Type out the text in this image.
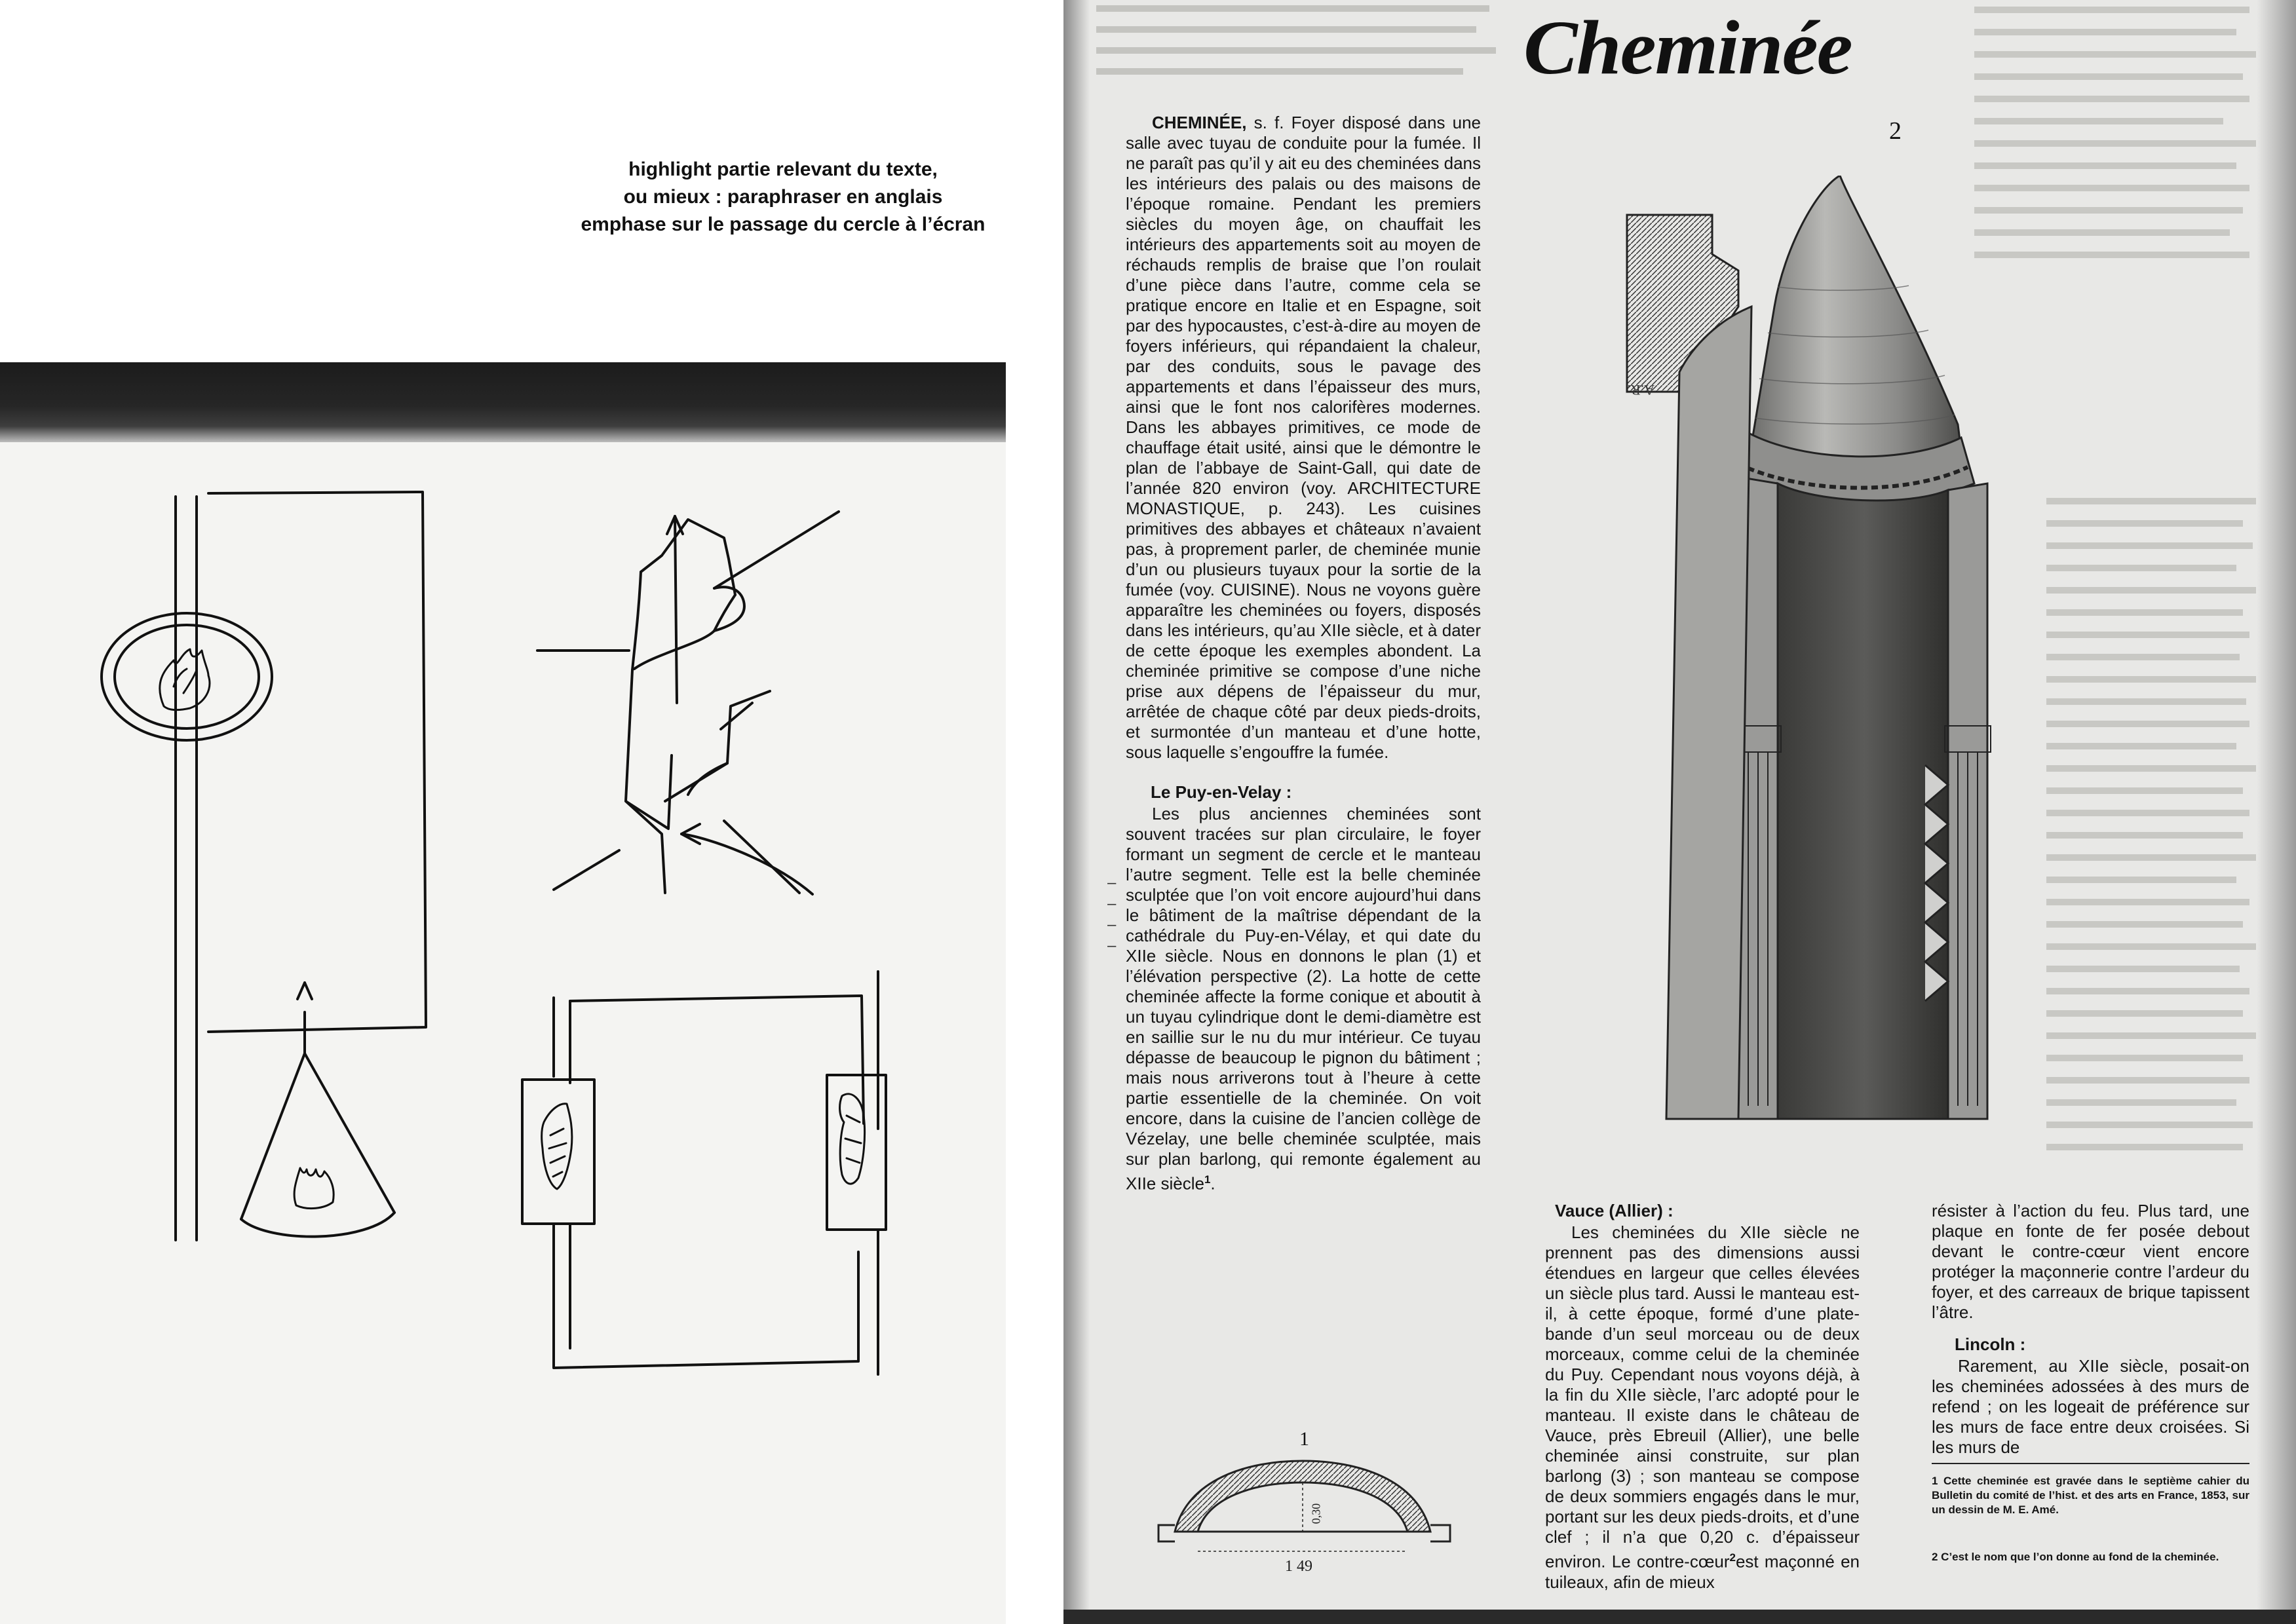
highlight partie relevant du texte,
ou mieux : paraphraser en anglais
emphase sur le passage du cercle à l’écran
Cheminée

CHEMINÉE, s. f. Foyer disposé dans une salle avec tuyau de conduite pour la fumée. Il ne paraît pas qu’il y ait eu des cheminées dans les intérieurs des palais ou des maisons de l’époque romaine. Pendant les premiers siècles du moyen âge, on chauffait les intérieurs des appartements soit au moyen de réchauds remplis de braise que l’on roulait d’une pièce dans l’autre, comme cela se pratique encore en Italie et en Espagne, soit par des hypocaustes, c’est-à-dire au moyen de foyers inférieurs, qui répandaient la chaleur, par des conduits, sous le pavage des appartements et dans l’épaisseur des murs, ainsi que le font nos calorifères modernes. Dans les abbayes primitives, ce mode de chauffage était usité, ainsi que le démontre le plan de l’abbaye de Saint-Gall, qui date de l’année 820 environ (voy. ARCHITECTURE MONASTIQUE, p. 243). Les cuisines primitives des abbayes et châteaux n’avaient pas, à proprement parler, de cheminée munie d’un ou plusieurs tuyaux pour la sortie de la fumée (voy. CUISINE). Nous ne voyons guère apparaître les cheminées ou foyers, disposés dans les intérieurs, qu’au XIIe siècle, et à dater de cette époque les exemples abondent. La cheminée primitive se compose d’une niche prise aux dépens de l’épaisseur du mur, arrêtée de chaque côté par deux pieds-droits, et surmontée d’un manteau et d’une hotte, sous laquelle s’engouffre la fumée.

Le Puy-en-Velay :

Les plus anciennes cheminées sont souvent tracées sur plan circulaire, le foyer formant un segment de cercle et le manteau l’autre segment. Telle est la belle cheminée sculptée que l’on voit encore aujourd’hui dans le bâtiment de la maîtrise dépendant de la cathédrale du Puy-en-Vélay, et qui date du XIIe siècle. Nous en donnons le plan (1) et l’élévation perspective (2). La hotte de cette cheminée affecte la forme conique et aboutit à un tuyau cylindrique dont le demi-diamètre est en saillie sur le nu du mur intérieur. Ce tuyau dépasse de beaucoup le pignon du bâtiment ; mais nous arriverons tout à l’heure à cette partie essentielle de la cheminée. On voit encore, dans la cuisine de l’ancien collège de Vézelay, une belle cheminée sculptée, mais sur plan barlong, qui remonte également au XIIe siècle$^1$.

–
–
–
–
2
A.R.
1
0,30
1 49

Vauce (Allier) :

Les cheminées du XIIe siècle ne prennent pas des dimensions aussi étendues en largeur que celles élevées un siècle plus tard. Aussi le manteau est-il, à cette époque, formé d’une plate-bande d’un seul morceau ou de deux morceaux, comme celui de la cheminée du Puy. Cependant nous voyons déjà, à la fin du XIIe siècle, l’arc adopté pour le manteau. Il existe dans le château de Vauce, près Ebreuil (Allier), une belle cheminée ainsi construite, sur plan barlong (3) ; son manteau se compose de deux sommiers engagés dans le mur, portant sur les deux pieds-droits, et d’une clef ; il n’a que 0,20 c. d’épaisseur environ. Le contre-cœur$^2$est maçonné en tuileaux, afin de mieux

résister à l’action du feu. Plus tard, une plaque en fonte de fer posée debout devant le contre-cœur vient encore protéger la maçonnerie contre l’ardeur du foyer, et des carreaux de brique tapissent l’âtre.

Lincoln :

Rarement, au XIIe siècle, posait-on les cheminées adossées à des murs de refend ; on les logeait de préférence sur les murs de face entre deux croisées. Si les murs de

1 Cette cheminée est gravée dans le septième cahier du Bulletin du comité de l’hist. et des arts en France, 1853, sur un dessin de M. E. Amé.
2 C’est le nom que l’on donne au fond de la cheminée.
